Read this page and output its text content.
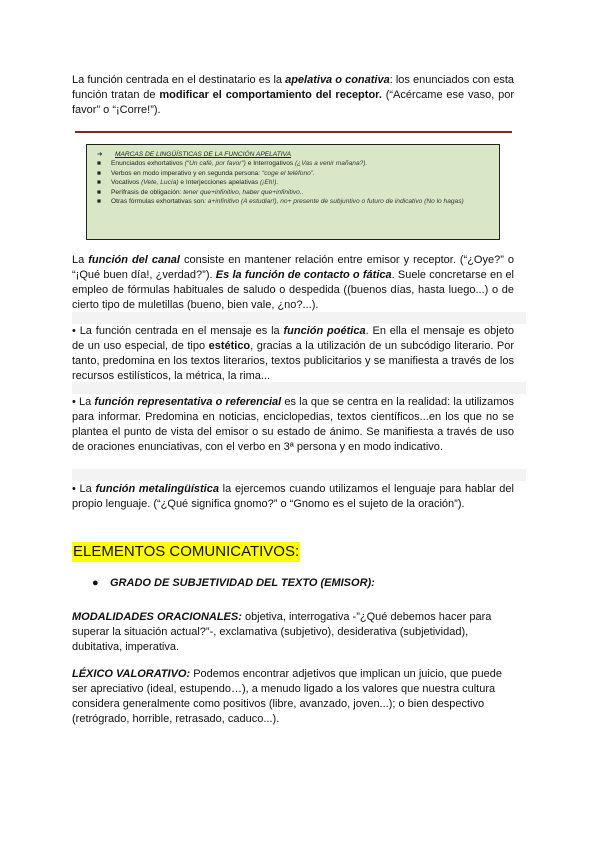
La función centrada en el destinatario es la apelativa o conativa: los enunciados con esta función tratan de modificar el comportamiento del receptor. (“Acércame ese vaso, por favor” o “¡Corre!”).

➔ MARCAS DE LINGÜÍSTICAS DE LA FUNCIÓN APELATIVA
■ Enunciados exhortativos (“Un café, por favor”) e Interrogativos (¿Vas a venir mañana?).
■ Verbos en modo imperativo y en segunda persona: “coge el teléfono”.
■ Vocativos (Vete, Lucía) e Interjecciones apelativas (¡Eh!).
■ Perífrasis de obligación: tener que+infinitivo, haber que+infinitivo..
■ Otras fórmulas exhortativas son: a+infinitivo (A estudiar!), no+ presente de subjuntivo o futuro de indicativo (No lo hagas)

La función del canal consiste en mantener relación entre emisor y receptor. (“¿Oye?” o “¡Qué buen día!, ¿verdad?”). Es la función de contacto o fática. Suele concretarse en el empleo de fórmulas habituales de saludo o despedida ((buenos días, hasta luego...) o de cierto tipo de muletillas (bueno, bien vale, ¿no?...).

• La función centrada en el mensaje es la función poética. En ella el mensaje es objeto de un uso especial, de tipo estético, gracias a la utilización de un subcódigo literario. Por tanto, predomina en los textos literarios, textos publicitarios y se manifiesta a través de los recursos estilísticos, la métrica, la rima...

• La función representativa o referencial es la que se centra en la realidad: la utilizamos para informar. Predomina en noticias, enciclopedias, textos científicos...en los que no se plantea el punto de vista del emisor o su estado de ánimo. Se manifiesta a través de uso de oraciones enunciativas, con el verbo en 3ª persona y en modo indicativo.

• La función metalingüística la ejercemos cuando utilizamos el lenguaje para hablar del propio lenguaje. (“¿Qué significa gnomo?” o “Gnomo es el sujeto de la oración”).

ELEMENTOS COMUNICATIVOS:
● GRADO DE SUBJETIVIDAD DEL TEXTO (EMISOR):

MODALIDADES ORACIONALES: objetiva, interrogativa -”¿Qué debemos hacer para superar la situación actual?”-, exclamativa (subjetivo), desiderativa (subjetividad), dubitativa, imperativa.

LÉXICO VALORATIVO: Podemos encontrar adjetivos que implican un juicio, que puede ser apreciativo (ideal, estupendo…), a menudo ligado a los valores que nuestra cultura considera generalmente como positivos (libre, avanzado, joven...); o bien despectivo (retrógrado, horrible, retrasado, caduco...).
